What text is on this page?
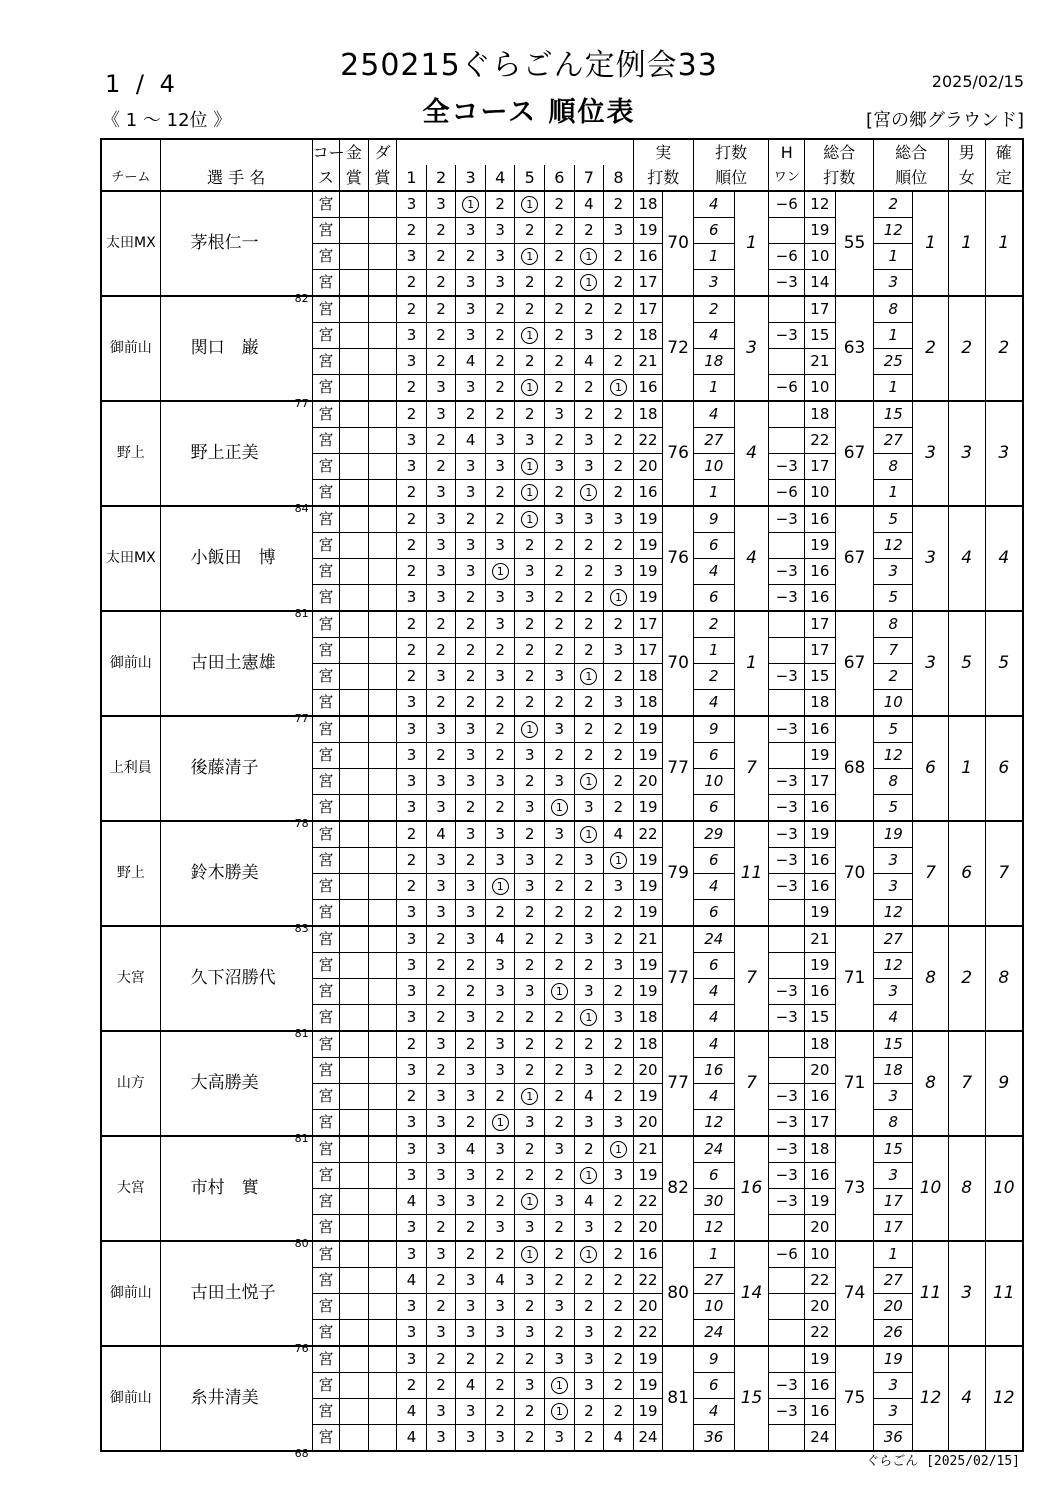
250215ぐらごん定例会33
全コース 順位表
1 / 4
《 1 ～ 12位 》
2025/02/15
[宮の郷グラウンド]
		コー	金	ダ									実		打数		H	総合		総合		男	確
チーム	選 手 名	ス	賞	賞	1	2	3	4	5	6	7	8	打数		順位		ワン	打数		順位		女	定
太田MX	茅根仁一
82	宮			3	3	1	2	1	2	4	2	18	70	4	1	−6	12	55	2	1	1	1
		宮			2	2	3	3	2	2	2	3	19		6			19		12			
		宮			3	2	2	3	1	2	1	2	16		1		−6	10		1			
		宮			2	2	3	3	2	2	1	2	17		3		−3	14		3			
御前山	関口　巌
77	宮			2	2	3	2	2	2	2	2	17	72	2	3		17	63	8	2	2	2
		宮			3	2	3	2	1	2	3	2	18		4		−3	15		1			
		宮			3	2	4	2	2	2	4	2	21		18			21		25			
		宮			2	3	3	2	1	2	2	1	16		1		−6	10		1			
野上	野上正美
84	宮			2	3	2	2	2	3	2	2	18	76	4	4		18	67	15	3	3	3
		宮			3	2	4	3	3	2	3	2	22		27			22		27			
		宮			3	2	3	3	1	3	3	2	20		10		−3	17		8			
		宮			2	3	3	2	1	2	1	2	16		1		−6	10		1			
太田MX	小飯田　博
81	宮			2	3	2	2	1	3	3	3	19	76	9	4	−3	16	67	5	3	4	4
		宮			2	3	3	3	2	2	2	2	19		6			19		12			
		宮			2	3	3	1	3	2	2	3	19		4		−3	16		3			
		宮			3	3	2	3	3	2	2	1	19		6		−3	16		5			
御前山	古田土憲雄
77	宮			2	2	2	3	2	2	2	2	17	70	2	1		17	67	8	3	5	5
		宮			2	2	2	2	2	2	2	3	17		1			17		7			
		宮			2	3	2	3	2	3	1	2	18		2		−3	15		2			
		宮			3	2	2	2	2	2	2	3	18		4			18		10			
上利員	後藤清子
78	宮			3	3	3	2	1	3	2	2	19	77	9	7	−3	16	68	5	6	1	6
		宮			3	2	3	2	3	2	2	2	19		6			19		12			
		宮			3	3	3	3	2	3	1	2	20		10		−3	17		8			
		宮			3	3	2	2	3	1	3	2	19		6		−3	16		5			
野上	鈴木勝美
83	宮			2	4	3	3	2	3	1	4	22	79	29	11	−3	19	70	19	7	6	7
		宮			2	3	2	3	3	2	3	1	19		6		−3	16		3			
		宮			2	3	3	1	3	2	2	3	19		4		−3	16		3			
		宮			3	3	3	2	2	2	2	2	19		6			19		12			
大宮	久下沼勝代
81	宮			3	2	3	4	2	2	3	2	21	77	24	7		21	71	27	8	2	8
		宮			3	2	2	3	2	2	2	3	19		6			19		12			
		宮			3	2	2	3	3	1	3	2	19		4		−3	16		3			
		宮			3	2	3	2	2	2	1	3	18		4		−3	15		4			
山方	大高勝美
81	宮			2	3	2	3	2	2	2	2	18	77	4	7		18	71	15	8	7	9
		宮			3	2	3	3	2	2	3	2	20		16			20		18			
		宮			2	3	3	2	1	2	4	2	19		4		−3	16		3			
		宮			3	3	2	1	3	2	3	3	20		12		−3	17		8			
大宮	市村　實
80	宮			3	3	4	3	2	3	2	1	21	82	24	16	−3	18	73	15	10	8	10
		宮			3	3	3	2	2	2	1	3	19		6		−3	16		3			
		宮			4	3	3	2	1	3	4	2	22		30		−3	19		17			
		宮			3	2	2	3	3	2	3	2	20		12			20		17			
御前山	古田土悦子
76	宮			3	3	2	2	1	2	1	2	16	80	1	14	−6	10	74	1	11	3	11
		宮			4	2	3	4	3	2	2	2	22		27			22		27			
		宮			3	2	3	3	2	3	2	2	20		10			20		20			
		宮			3	3	3	3	3	2	3	2	22		24			22		26			
御前山	糸井清美
68	宮			3	2	2	2	2	3	3	2	19	81	9	15		19	75	19	12	4	12
		宮			2	2	4	2	3	1	3	2	19		6		−3	16		3			
		宮			4	3	3	2	2	1	2	2	19		4		−3	16		3			
		宮			4	3	3	3	2	3	2	4	24		36			24		36			
ぐらごん [2025/02/15]
